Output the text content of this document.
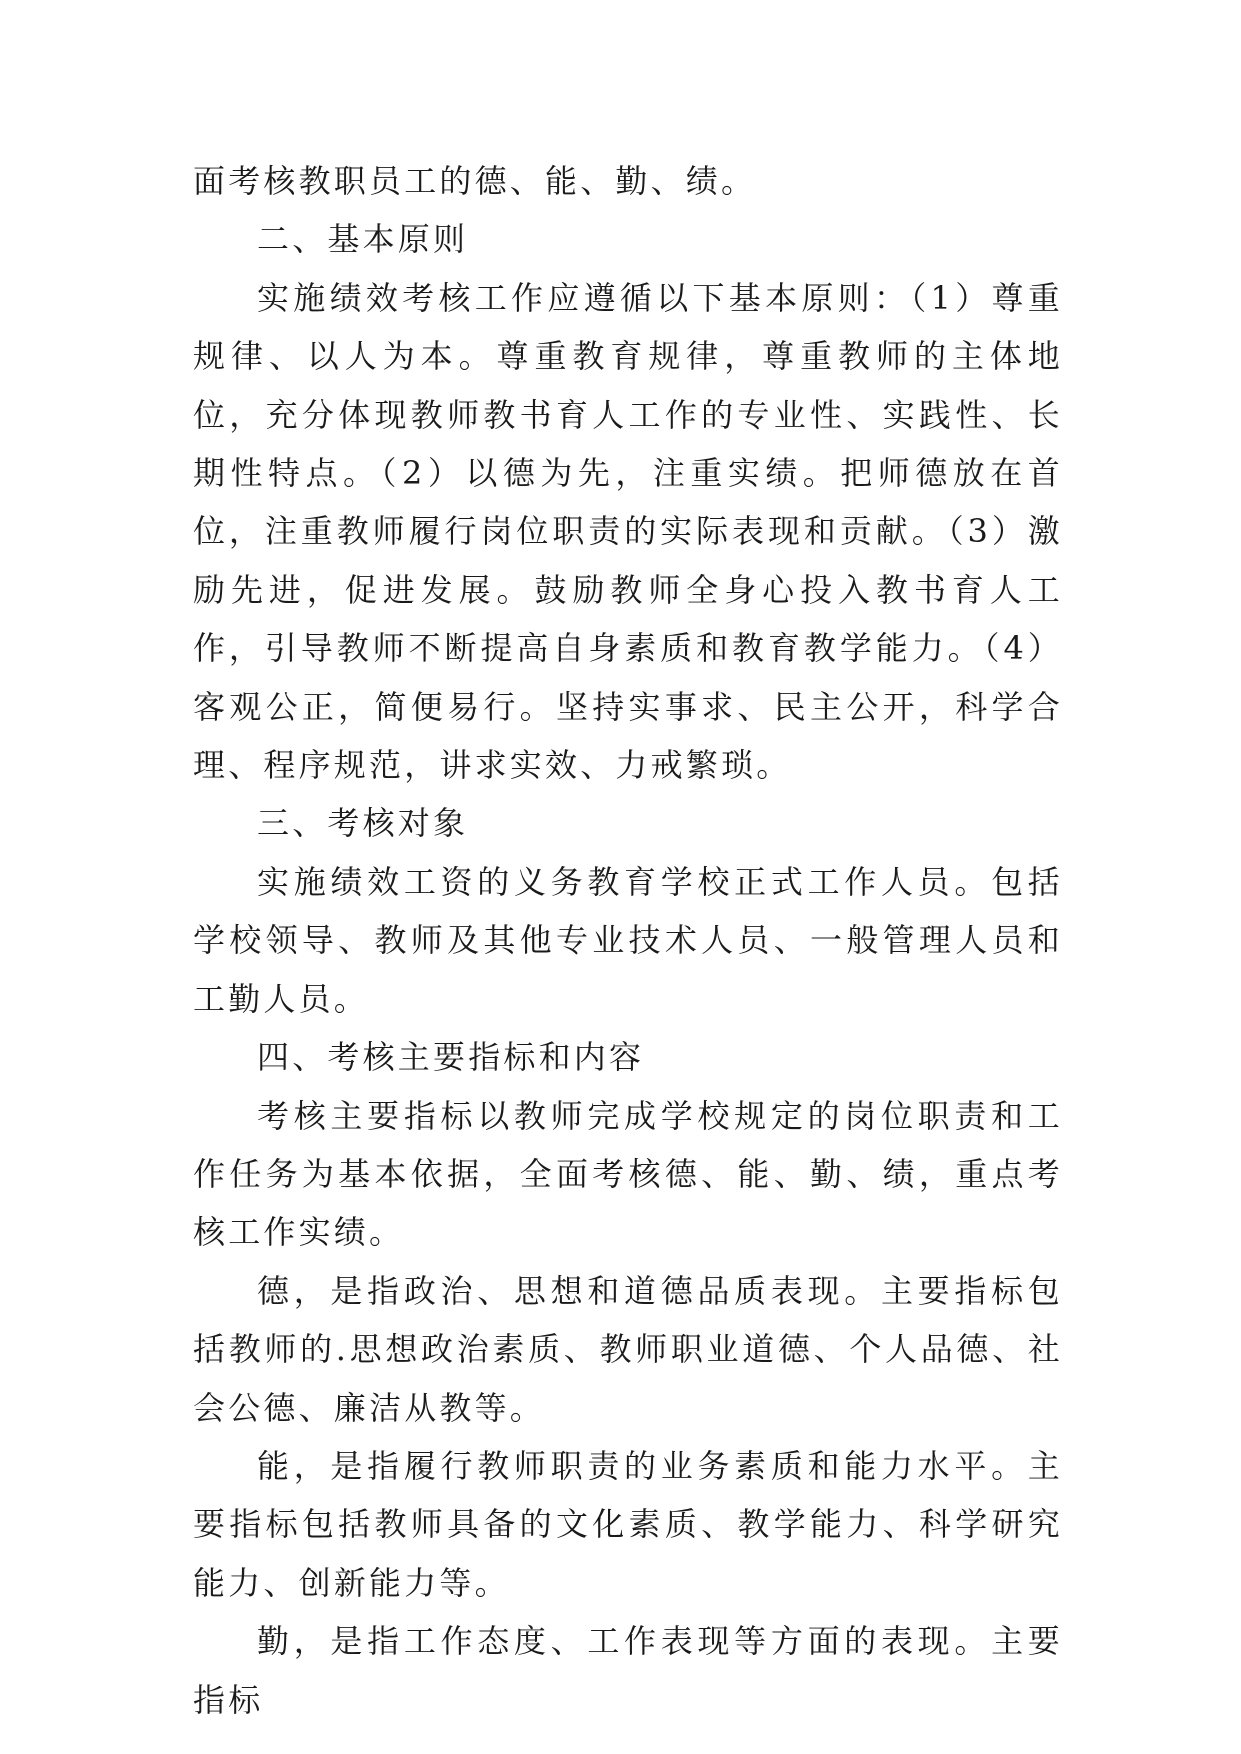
面考核教职员工的德、能、勤、绩。

二、基本原则

实施绩效考核工作应遵循以下基本原则：（1）尊重规律、以人为本。尊重教育规律，尊重教师的主体地位，充分体现教师教书育人工作的专业性、实践性、长期性特点。（2）以德为先，注重实绩。把师德放在首位，注重教师履行岗位职责的实际表现和贡献。（3）激励先进，促进发展。鼓励教师全身心投入教书育人工作，引导教师不断提高自身素质和教育教学能力。（4）客观公正，简便易行。坚持实事求、民主公开，科学合理、程序规范，讲求实效、力戒繁琐。

三、考核对象

实施绩效工资的义务教育学校正式工作人员。包括学校领导、教师及其他专业技术人员、一般管理人员和工勤人员。

四、考核主要指标和内容

考核主要指标以教师完成学校规定的岗位职责和工作任务为基本依据，全面考核德、能、勤、绩，重点考核工作实绩。

德，是指政治、思想和道德品质表现。主要指标包括教师的.思想政治素质、教师职业道德、个人品德、社会公德、廉洁从教等。

能，是指履行教师职责的业务素质和能力水平。主要指标包括教师具备的文化素质、教学能力、科学研究能力、创新能力等。

勤，是指工作态度、工作表现等方面的表现。主要指标
